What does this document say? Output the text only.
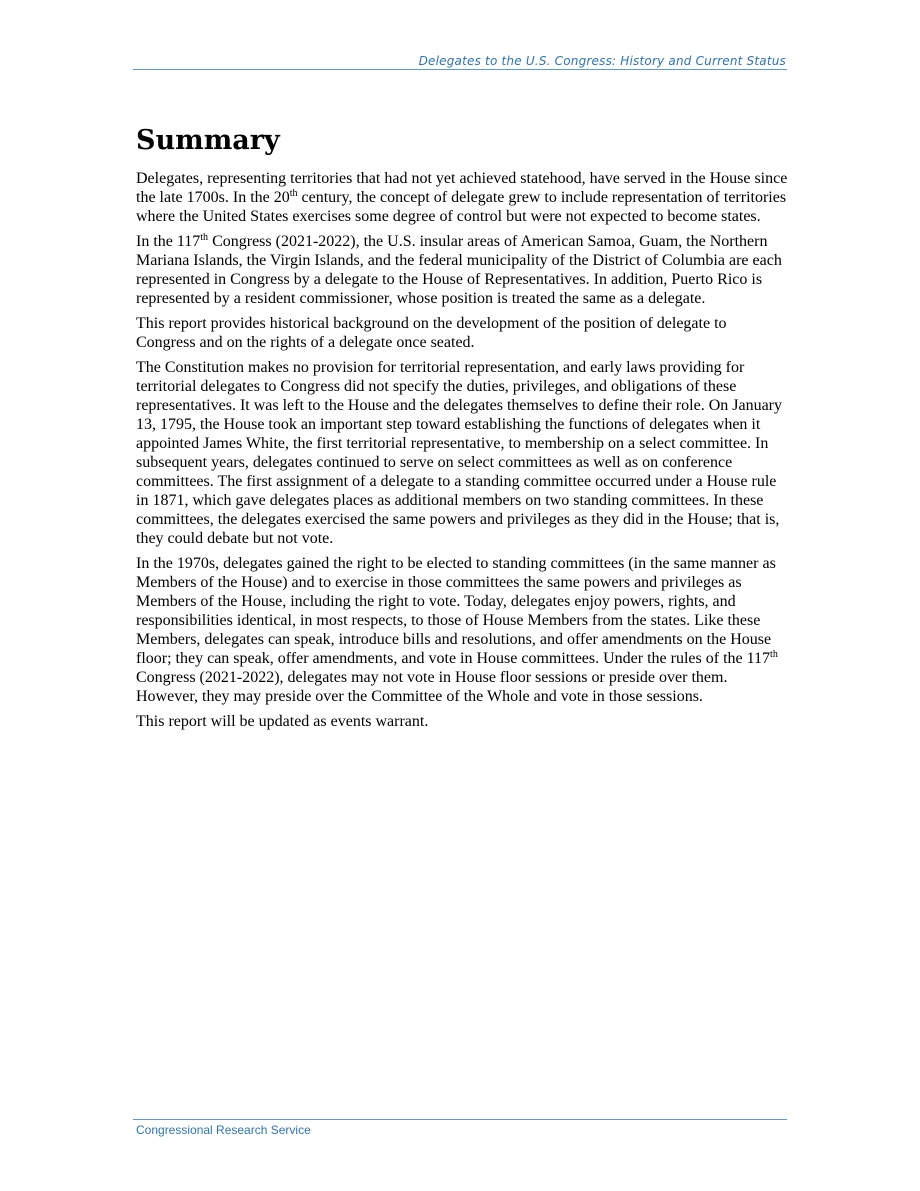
Delegates to the U.S. Congress: History and Current Status
Summary

Delegates, representing territories that had not yet achieved statehood, have served in the House since the late 1700s. In the 20th century, the concept of delegate grew to include representation of territories where the United States exercises some degree of control but were not expected to become states.

In the 117th Congress (2021-2022), the U.S. insular areas of American Samoa, Guam, the Northern Mariana Islands, the Virgin Islands, and the federal municipality of the District of Columbia are each represented in Congress by a delegate to the House of Representatives. In addition, Puerto Rico is represented by a resident commissioner, whose position is treated the same as a delegate.

This report provides historical background on the development of the position of delegate to Congress and on the rights of a delegate once seated.

The Constitution makes no provision for territorial representation, and early laws providing for territorial delegates to Congress did not specify the duties, privileges, and obligations of these representatives. It was left to the House and the delegates themselves to define their role. On January 13, 1795, the House took an important step toward establishing the functions of delegates when it appointed James White, the first territorial representative, to membership on a select committee. In subsequent years, delegates continued to serve on select committees as well as on conference committees. The first assignment of a delegate to a standing committee occurred under a House rule in 1871, which gave delegates places as additional members on two standing committees. In these committees, the delegates exercised the same powers and privileges as they did in the House; that is, they could debate but not vote.

In the 1970s, delegates gained the right to be elected to standing committees (in the same manner as Members of the House) and to exercise in those committees the same powers and privileges as Members of the House, including the right to vote. Today, delegates enjoy powers, rights, and responsibilities identical, in most respects, to those of House Members from the states. Like these Members, delegates can speak, introduce bills and resolutions, and offer amendments on the House floor; they can speak, offer amendments, and vote in House committees. Under the rules of the 117th Congress (2021-2022), delegates may not vote in House floor sessions or preside over them. However, they may preside over the Committee of the Whole and vote in those sessions.

This report will be updated as events warrant.

Congressional Research Service
